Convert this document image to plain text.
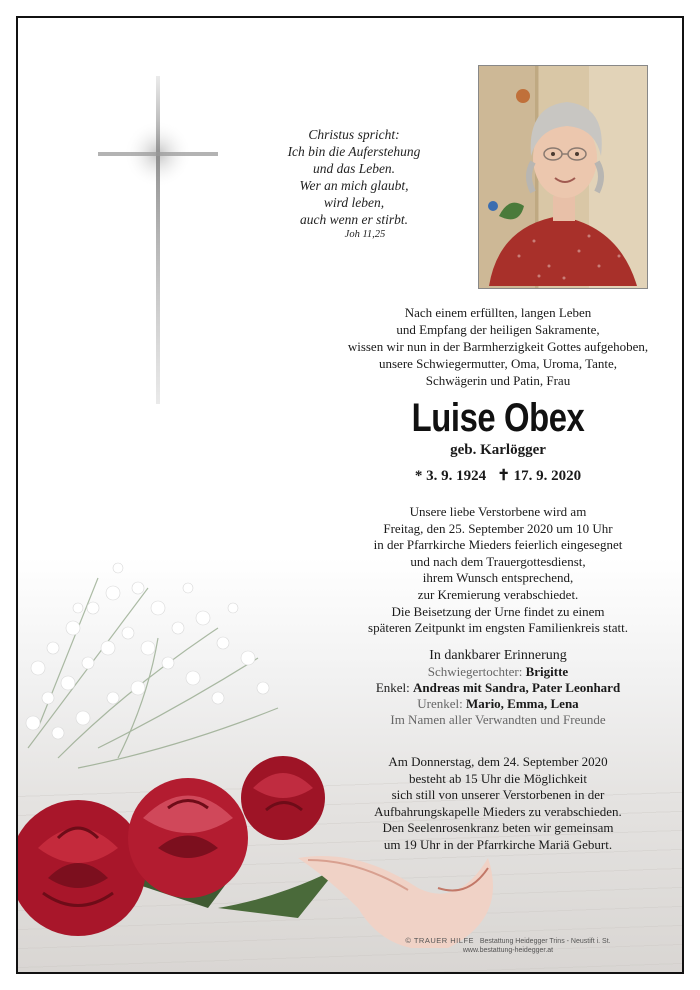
Christus spricht:
Ich bin die Auferstehung
und das Leben.
Wer an mich glaubt,
wird leben,
auch wenn er stirbt.
Joh 11,25
Nach einem erfüllten, langen Leben
und Empfang der heiligen Sakramente,
wissen wir nun in der Barmherzigkeit Gottes aufgehoben,
unsere Schwiegermutter, Oma, Uroma, Tante,
Schwägerin und Patin, Frau
Luise Obex
geb. Karlögger
* 3. 9. 1924 ✝ 17. 9. 2020
Unsere liebe Verstorbene wird am
Freitag, den 25. September 2020 um 10 Uhr
in der Pfarrkirche Mieders feierlich eingesegnet
und nach dem Trauergottesdienst,
ihrem Wunsch entsprechend,
zur Kremierung verabschiedet.
Die Beisetzung der Urne findet zu einem
späteren Zeitpunkt im engsten Familienkreis statt.
In dankbarer Erinnerung
Schwiegertochter: Brigitte
Enkel: Andreas mit Sandra, Pater Leonhard
Urenkel: Mario, Emma, Lena
Im Namen aller Verwandten und Freunde
Am Donnerstag, dem 24. September 2020
besteht ab 15 Uhr die Möglichkeit
sich still von unserer Verstorbenen in der
Aufbahrungskapelle Mieders zu verabschieden.
Den Seelenrosenkranz beten wir gemeinsam
um 19 Uhr in der Pfarrkirche Mariä Geburt.
© TRAUER HILFE Bestattung Heidegger Trins - Neustift i. St.
www.bestattung-heidegger.at
